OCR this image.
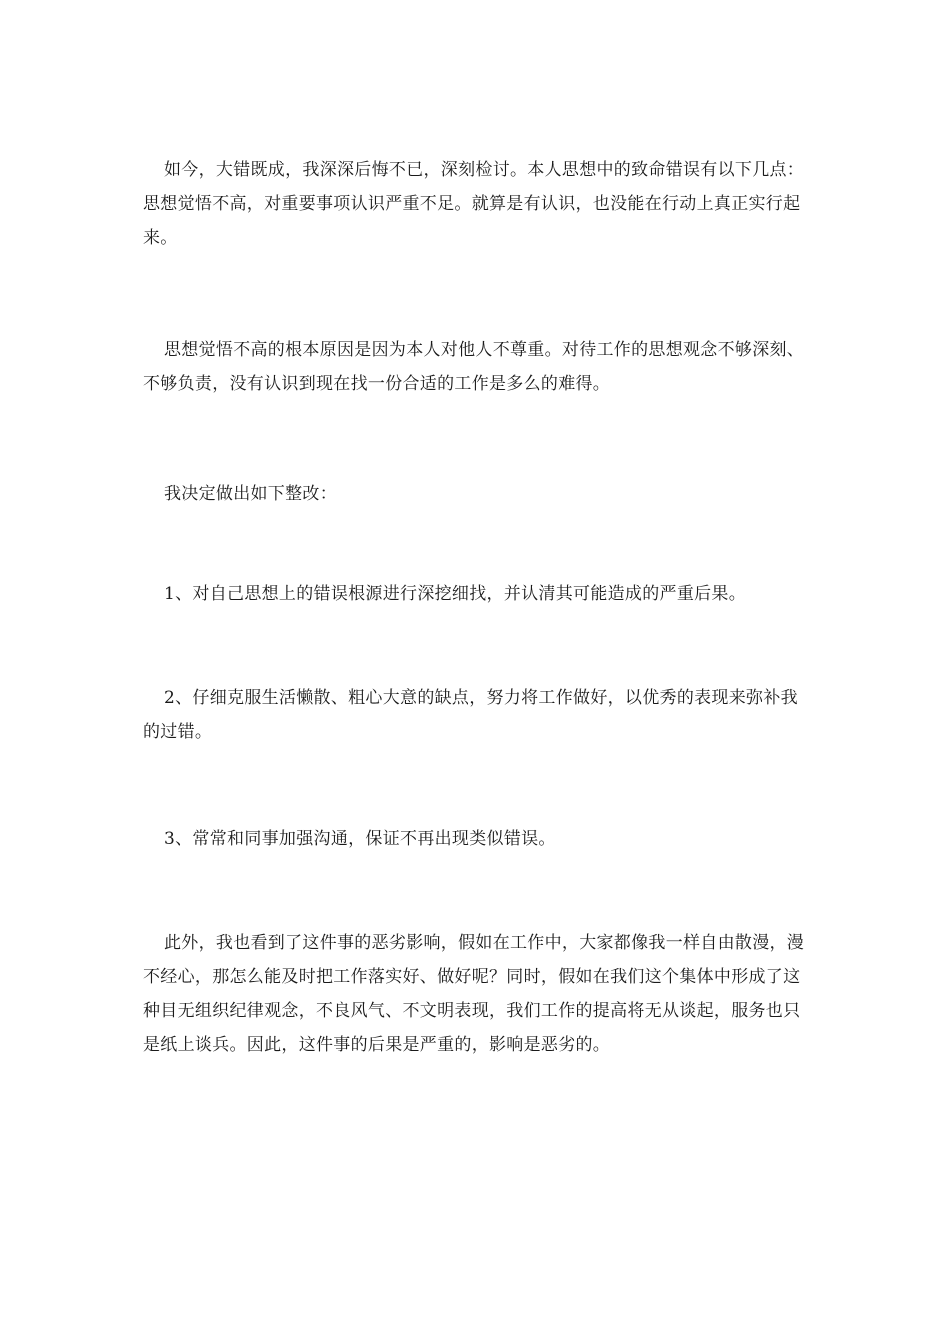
如今，大错既成，我深深后悔不已，深刻检讨。本人思想中的致命错误有以下几点：思想觉悟不高，对重要事项认识严重不足。就算是有认识，也没能在行动上真正实行起来。

思想觉悟不高的根本原因是因为本人对他人不尊重。对待工作的思想观念不够深刻、不够负责，没有认识到现在找一份合适的工作是多么的难得。

我决定做出如下整改：

1、对自己思想上的错误根源进行深挖细找，并认清其可能造成的严重后果。

2、仔细克服生活懒散、粗心大意的缺点，努力将工作做好，以优秀的表现来弥补我的过错。

3、常常和同事加强沟通，保证不再出现类似错误。

此外，我也看到了这件事的恶劣影响，假如在工作中，大家都像我一样自由散漫，漫不经心，那怎么能及时把工作落实好、做好呢？同时，假如在我们这个集体中形成了这种目无组织纪律观念，不良风气、不文明表现，我们工作的提高将无从谈起，服务也只是纸上谈兵。因此，这件事的后果是严重的，影响是恶劣的。
